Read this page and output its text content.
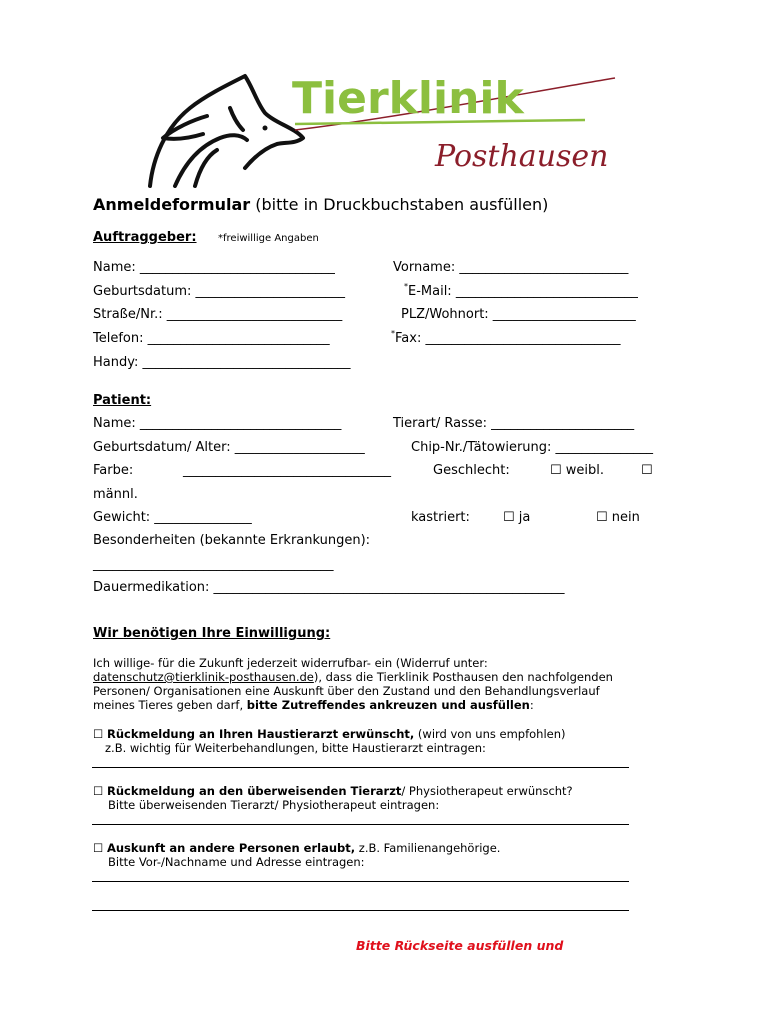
Tierklinik
Posthausen
Anmeldeformular (bitte in Druckbuchstaben ausfüllen)
Auftraggeber: *freiwillige Angaben
Name: ______________________________	Vorname: __________________________
Geburtsdatum: _______________________	* E-Mail: ____________________________
Straße/Nr.: ___________________________	PLZ/Wohnort: ______________________
Telefon: ____________________________	* Fax: ______________________________
Handy: ________________________________
Patient:
Name: _______________________________	Tierart/ Rasse: ______________________
Geburtsdatum/ Alter: ____________________	Chip-Nr./Tätowierung: _______________
Farbe:	________________________________	Geschlecht:	☐ weibl.	☐
männl.
Gewicht: _______________	kastriert:	☐ ja	☐ nein
Besonderheiten (bekannte Erkrankungen):
_____________________________________
Dauermedikation: ______________________________________________________
Wir benötigen Ihre Einwilligung:
Ich willige- für die Zukunft jederzeit widerrufbar- ein (Widerruf unter:
datenschutz@tierklinik-posthausen.de), dass die Tierklinik Posthausen den nachfolgenden
Personen/ Organisationen eine Auskunft über den Zustand und den Behandlungsverlauf
meines Tieres geben darf, bitte Zutreffendes ankreuzen und ausfüllen:
☐ Rückmeldung an Ihren Haustierarzt erwünscht, (wird von uns empfohlen)
z.B. wichtig für Weiterbehandlungen, bitte Haustierarzt eintragen:
☐ Rückmeldung an den überweisenden Tierarzt/ Physiotherapeut erwünscht?
Bitte überweisenden Tierarzt/ Physiotherapeut eintragen:
☐ Auskunft an andere Personen erlaubt, z.B. Familienangehörige.
Bitte Vor-/Nachname und Adresse eintragen:
Bitte Rückseite ausfüllen und
